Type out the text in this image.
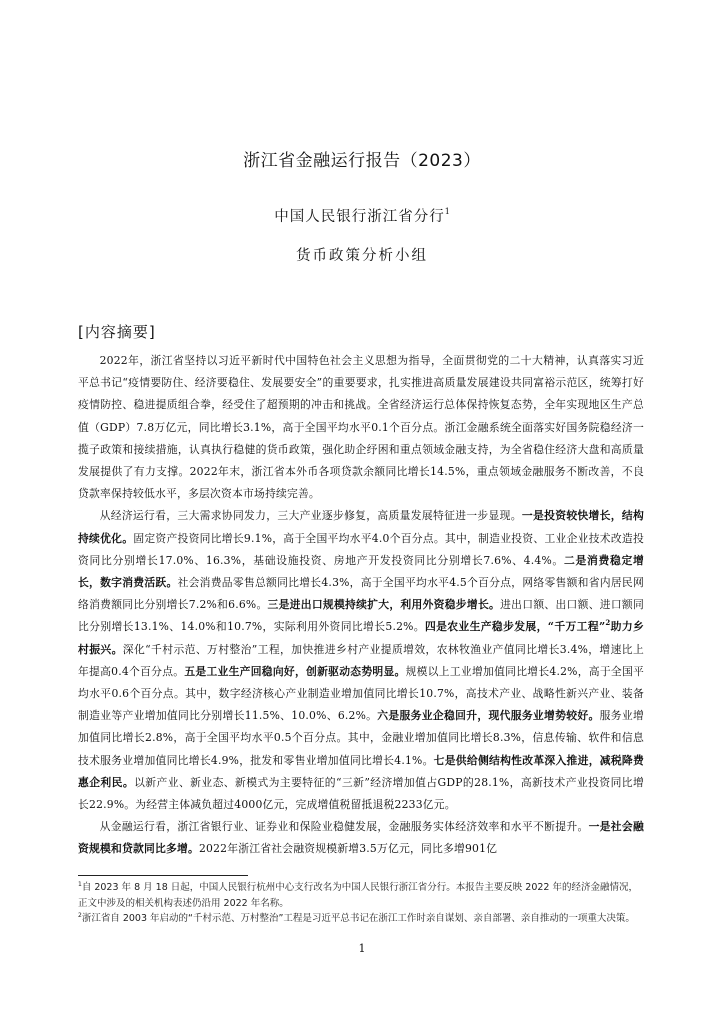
浙江省金融运行报告（2023）
中国人民银行浙江省分行$^1$
货币政策分析小组
[内容摘要]

2022年，浙江省坚持以习近平新时代中国特色社会主义思想为指导，全面贯彻党的二十大精神，认真落实习近平总书记“疫情要防住、经济要稳住、发展要安全”的重要要求，扎实推进高质量发展建设共同富裕示范区，统筹打好疫情防控、稳进提质组合拳，经受住了超预期的冲击和挑战。全省经济运行总体保持恢复态势，全年实现地区生产总值（GDP）7.8万亿元，同比增长3.1%，高于全国平均水平0.1个百分点。浙江金融系统全面落实好国务院稳经济一揽子政策和接续措施，认真执行稳健的货币政策，强化助企纾困和重点领域金融支持，为全省稳住经济大盘和高质量发展提供了有力支撑。2022年末，浙江省本外币各项贷款余额同比增长14.5%，重点领域金融服务不断改善，不良贷款率保持较低水平，多层次资本市场持续完善。

从经济运行看，三大需求协同发力，三大产业逐步修复，高质量发展特征进一步显现。一是投资较快增长，结构持续优化。固定资产投资同比增长9.1%，高于全国平均水平4.0个百分点。其中，制造业投资、工业企业技术改造投资同比分别增长17.0%、16.3%，基础设施投资、房地产开发投资同比分别增长7.6%、4.4%。二是消费稳定增长，数字消费活跃。社会消费品零售总额同比增长4.3%，高于全国平均水平4.5个百分点，网络零售额和省内居民网络消费额同比分别增长7.2%和6.6%。三是进出口规模持续扩大，利用外资稳步增长。进出口额、出口额、进口额同比分别增长13.1%、14.0%和10.7%，实际利用外资同比增长5.2%。四是农业生产稳步发展，“千万工程”$^2$助力乡村振兴。深化“千村示范、万村整治”工程，加快推进乡村产业提质增效，农林牧渔业产值同比增长3.4%，增速比上年提高0.4个百分点。五是工业生产回稳向好，创新驱动态势明显。规模以上工业增加值同比增长4.2%，高于全国平均水平0.6个百分点。其中，数字经济核心产业制造业增加值同比增长10.7%，高技术产业、战略性新兴产业、装备制造业等产业增加值同比分别增长11.5%、10.0%、6.2%。六是服务业企稳回升，现代服务业增势较好。服务业增加值同比增长2.8%，高于全国平均水平0.5个百分点。其中，金融业增加值同比增长8.3%，信息传输、软件和信息技术服务业增加值同比增长4.9%，批发和零售业增加值同比增长4.1%。七是供给侧结构性改革深入推进，减税降费惠企利民。以新产业、新业态、新模式为主要特征的“三新”经济增加值占GDP的28.1%，高新技术产业投资同比增长22.9%。为经营主体减负超过4000亿元，完成增值税留抵退税2233亿元。

从金融运行看，浙江省银行业、证券业和保险业稳健发展，金融服务实体经济效率和水平不断提升。一是社会融资规模和贷款同比多增。2022年浙江省社会融资规模新增3.5万亿元，同比多增901亿

$^1$自 2023 年 8 月 18 日起，中国人民银行杭州中心支行改名为中国人民银行浙江省分行。本报告主要反映 2022 年的经济金融情况，正文中涉及的相关机构表述仍沿用 2022 年名称。

$^2$浙江省自 2003 年启动的“千村示范、万村整治”工程是习近平总书记在浙江工作时亲自谋划、亲自部署、亲自推动的一项重大决策。

1
